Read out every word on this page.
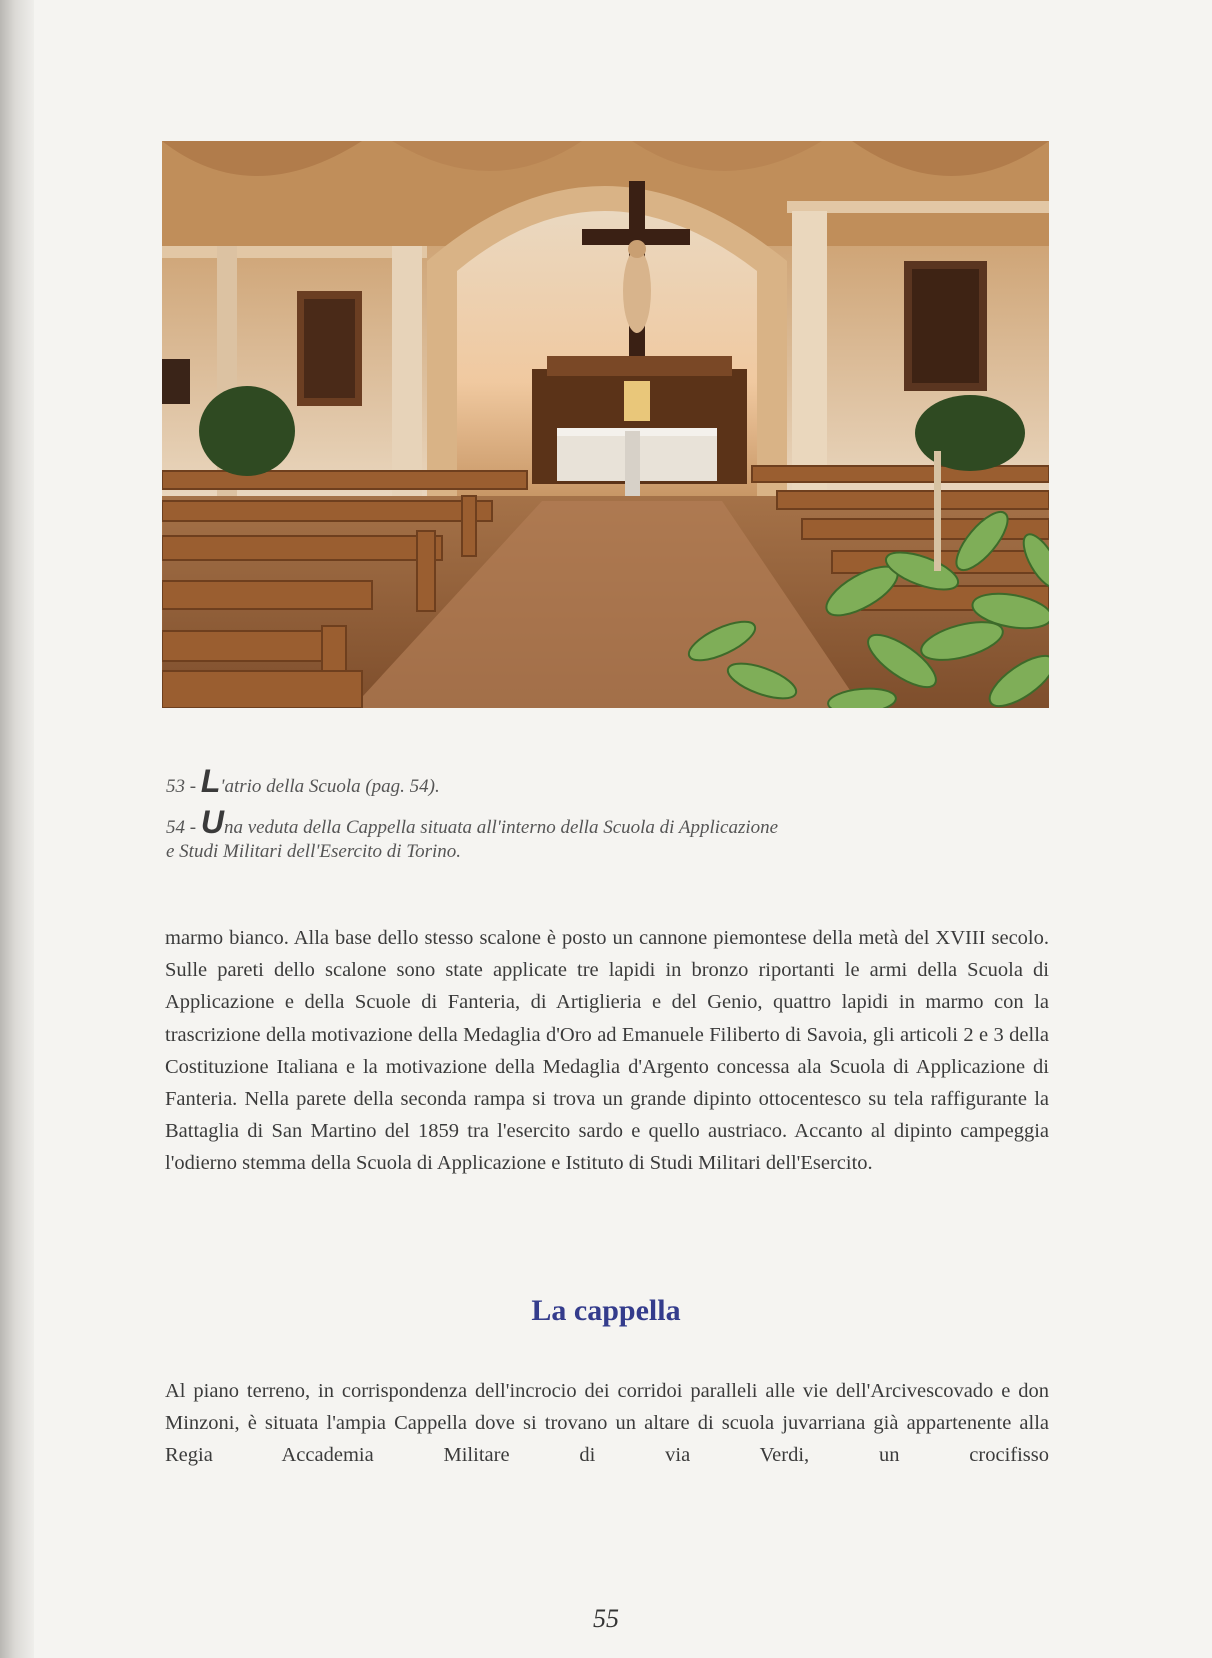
53 - L'atrio della Scuola (pag. 54).

54 - Una veduta della Cappella situata all'interno della Scuola di Applicazione

e Studi Militari dell'Esercito di Torino.

marmo bianco. Alla base dello stesso scalone è posto un cannone piemontese della metà del XVIII secolo. Sulle pareti dello scalone sono state applicate tre lapidi in bronzo riportanti le armi della Scuola di Applicazione e della Scuole di Fanteria, di Artiglieria e del Genio, quattro lapidi in marmo con la trascrizione della motivazione della Medaglia d'Oro ad Emanuele Filiberto di Savoia, gli articoli 2 e 3 della Costituzione Italiana e la motivazione della Medaglia d'Argento concessa ala Scuola di Applicazione di Fanteria. Nella parete della seconda rampa si trova un grande dipinto ottocentesco su tela raffigurante la Battaglia di San Martino del 1859 tra l'esercito sardo e quello austriaco. Accanto al dipinto campeggia l'odierno stemma della Scuola di Applicazione e Istituto di Studi Militari dell'Esercito.

La cappella

Al piano terreno, in corrispondenza dell'incrocio dei corridoi paralleli alle vie dell'Arcivescovado e don Minzoni, è situata l'ampia Cappella dove si trovano un altare di scuola juvarriana già appartenente alla Regia Accademia Militare di via Verdi, un crocifisso

55
